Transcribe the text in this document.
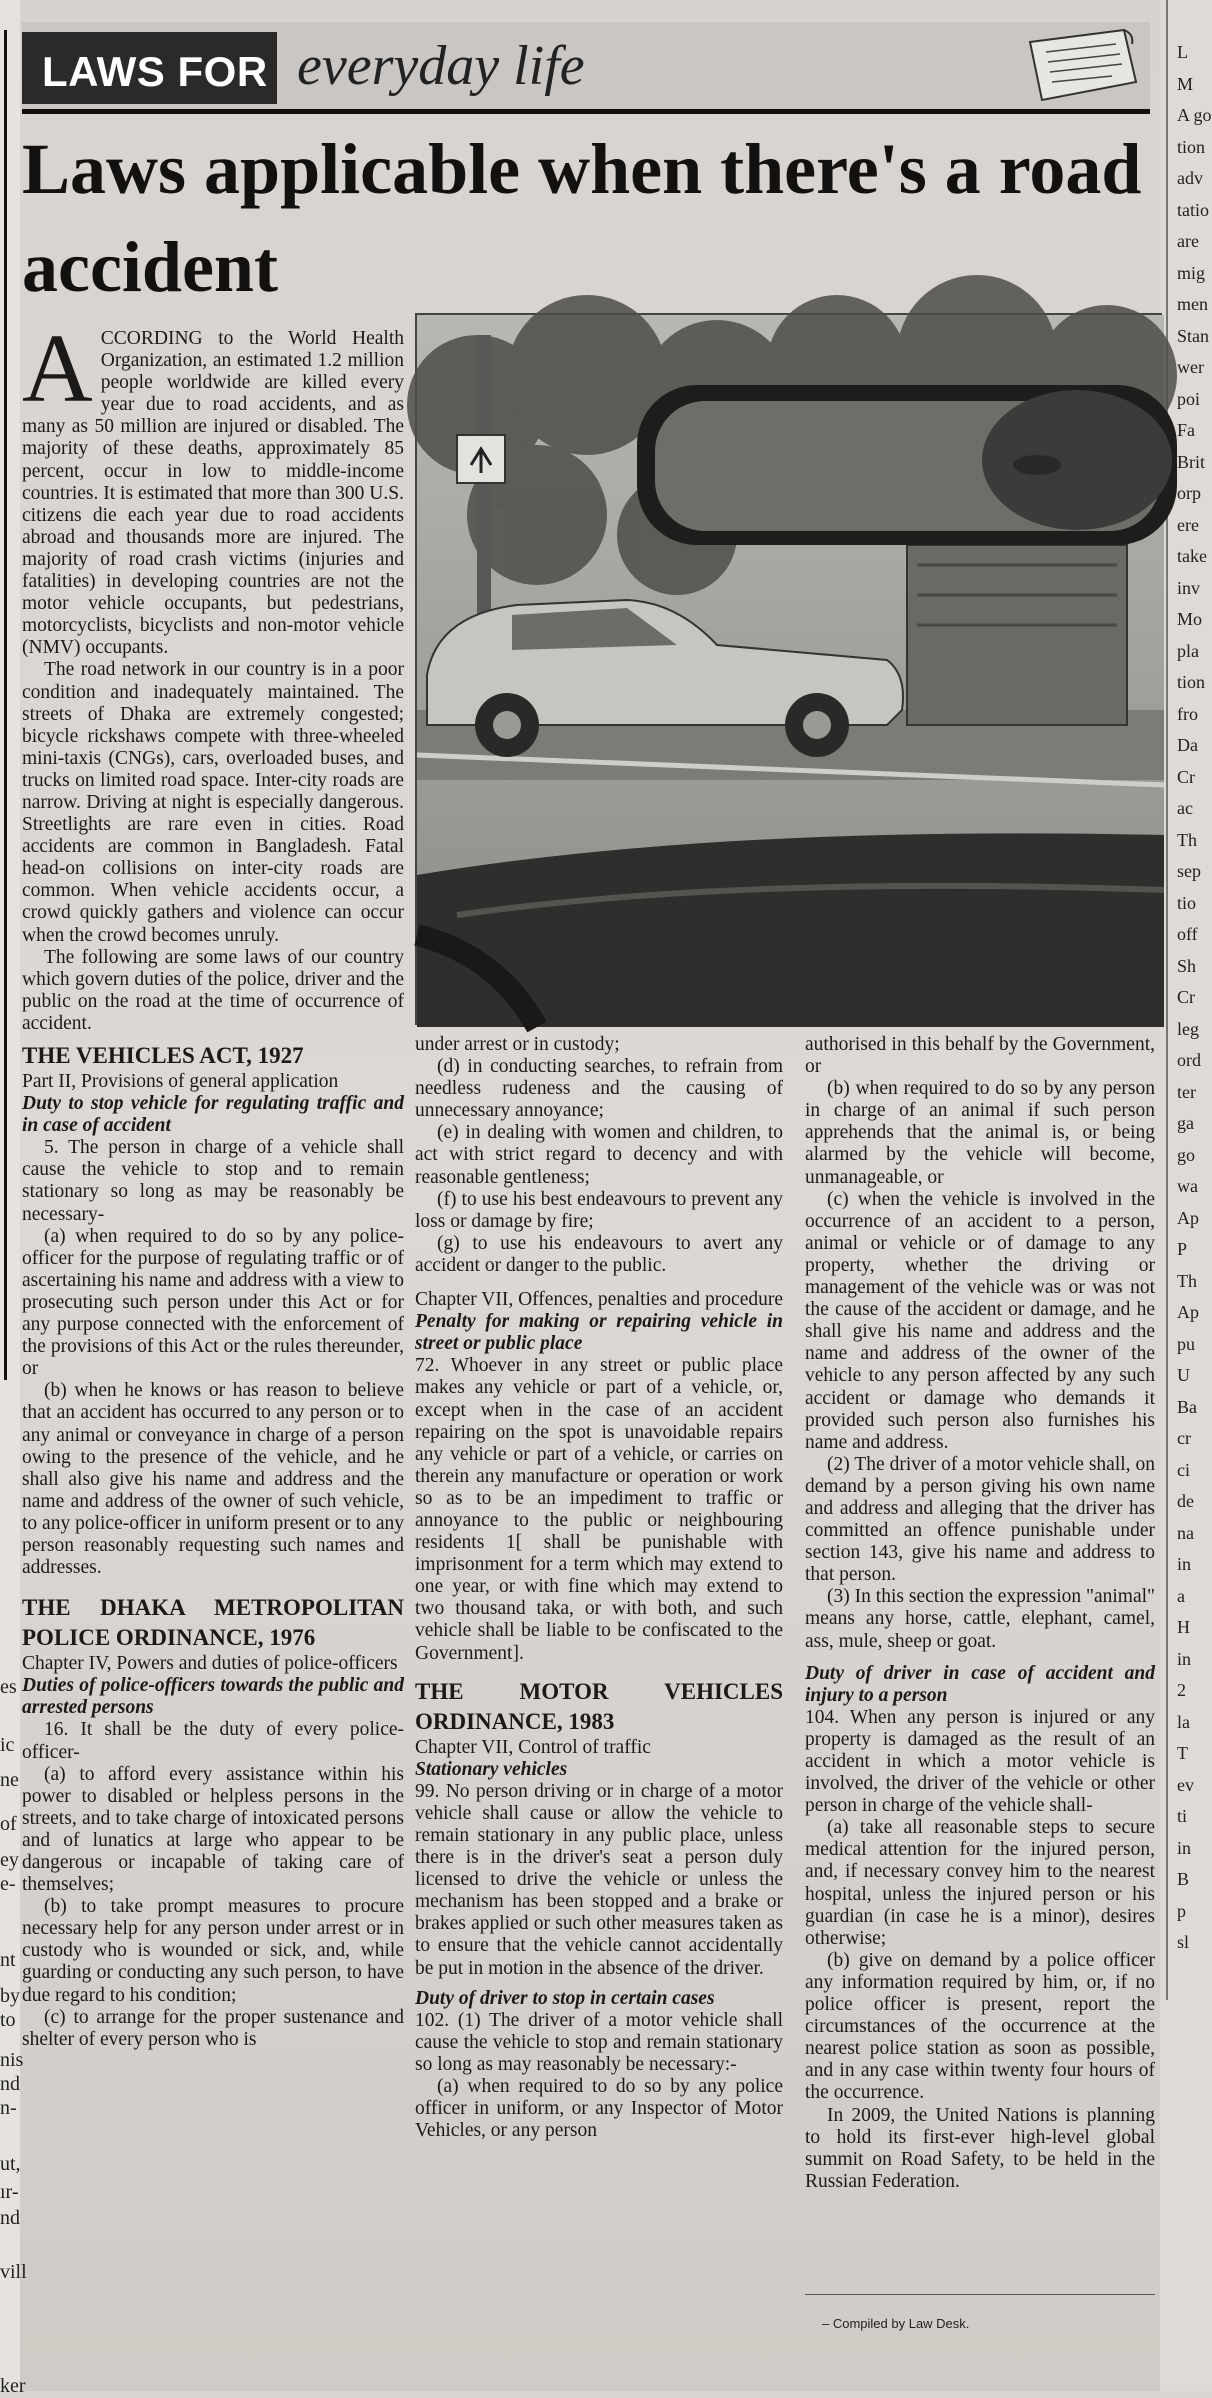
es
ic
ne
of
ey
e-
nt
by
to
nis
nd
n-
ut,
ır-
nd
vill
ker
L
M
A go
tion
adv
tatio
are
mig
men
Stan
wer
poi
Fa
Brit
orp
ere
take
inv
Mo
pla
tion
fro
Da
Cr
ac
Th
sep
tio
off
Sh
Cr
leg
ord
ter
ga
go
wa
Ap
P
Th
Ap
pu
U
Ba
cr
ci
de
na
in
a
H
in
2
la
T
ev
ti
in
B
p
sl
LAWS FOR everyday life
Laws applicable when there's a road accident

ACCORDING to the World Health Organization, an estimated 1.2 million people worldwide are killed every year due to road accidents, and as many as 50 million are injured or disabled. The majority of these deaths, approximately 85 percent, occur in low to middle-income countries. It is estimated that more than 300 U.S. citizens die each year due to road accidents abroad and thousands more are injured. The majority of road crash victims (injuries and fatalities) in developing countries are not the motor vehicle occupants, but pedestrians, motorcyclists, bicyclists and non-motor vehicle (NMV) occupants.

The road network in our country is in a poor condition and inadequately maintained. The streets of Dhaka are extremely congested; bicycle rickshaws compete with three-wheeled mini-taxis (CNGs), cars, overloaded buses, and trucks on limited road space. Inter-city roads are narrow. Driving at night is especially dangerous. Streetlights are rare even in cities. Road accidents are common in Bangladesh. Fatal head-on collisions on inter-city roads are common. When vehicle accidents occur, a crowd quickly gathers and violence can occur when the crowd becomes unruly.

The following are some laws of our country which govern duties of the police, driver and the public on the road at the time of occurrence of accident.

THE VEHICLES ACT, 1927

Part II, Provisions of general application

Duty to stop vehicle for regulating traffic and in case of accident

5. The person in charge of a vehicle shall cause the vehicle to stop and to remain stationary so long as may be reasonably be necessary-

(a) when required to do so by any police-officer for the purpose of regulating traffic or of ascertaining his name and address with a view to prosecuting such person under this Act or for any purpose connected with the enforcement of the provisions of this Act or the rules thereunder, or

(b) when he knows or has reason to believe that an accident has occurred to any person or to any animal or conveyance in charge of a person owing to the presence of the vehicle, and he shall also give his name and address and the name and address of the owner of such vehicle, to any police-officer in uniform present or to any person reasonably requesting such names and addresses.

THE DHAKA METROPOLITAN POLICE ORDINANCE, 1976

Chapter IV, Powers and duties of police-officers

Duties of police-officers towards the public and arrested persons

16. It shall be the duty of every police-officer-

(a) to afford every assistance within his power to disabled or helpless persons in the streets, and to take charge of intoxicated persons and of lunatics at large who appear to be dangerous or incapable of taking care of themselves;

(b) to take prompt measures to procure necessary help for any person under arrest or in custody who is wounded or sick, and, while guarding or conducting any such person, to have due regard to his condition;

(c) to arrange for the proper sustenance and shelter of every person who is

under arrest or in custody;

(d) in conducting searches, to refrain from needless rudeness and the causing of unnecessary annoyance;

(e) in dealing with women and children, to act with strict regard to decency and with reasonable gentleness;

(f) to use his best endeavours to prevent any loss or damage by fire;

(g) to use his endeavours to avert any accident or danger to the public.

Chapter VII, Offences, penalties and procedure

Penalty for making or repairing vehicle in street or public place

72. Whoever in any street or public place makes any vehicle or part of a vehicle, or, except when in the case of an accident repairing on the spot is unavoidable repairs any vehicle or part of a vehicle, or carries on therein any manufacture or operation or work so as to be an impediment to traffic or annoyance to the public or neighbouring residents 1[ shall be punishable with imprisonment for a term which may extend to one year, or with fine which may extend to two thousand taka, or with both, and such vehicle shall be liable to be confiscated to the Government].

THE MOTOR VEHICLES ORDINANCE, 1983

Chapter VII, Control of traffic

Stationary vehicles

99. No person driving or in charge of a motor vehicle shall cause or allow the vehicle to remain stationary in any public place, unless there is in the driver's seat a person duly licensed to drive the vehicle or unless the mechanism has been stopped and a brake or brakes applied or such other measures taken as to ensure that the vehicle cannot accidentally be put in motion in the absence of the driver.

Duty of driver to stop in certain cases

102. (1) The driver of a motor vehicle shall cause the vehicle to stop and remain stationary so long as may reasonably be necessary:-

(a) when required to do so by any police officer in uniform, or any Inspector of Motor Vehicles, or any person

authorised in this behalf by the Government, or

(b) when required to do so by any person in charge of an animal if such person apprehends that the animal is, or being alarmed by the vehicle will become, unmanageable, or

(c) when the vehicle is involved in the occurrence of an accident to a person, animal or vehicle or of damage to any property, whether the driving or management of the vehicle was or was not the cause of the accident or damage, and he shall give his name and address and the name and address of the owner of the vehicle to any person affected by any such accident or damage who demands it provided such person also furnishes his name and address.

(2) The driver of a motor vehicle shall, on demand by a person giving his own name and address and alleging that the driver has committed an offence punishable under section 143, give his name and address to that person.

(3) In this section the expression "animal" means any horse, cattle, elephant, camel, ass, mule, sheep or goat.

Duty of driver in case of accident and injury to a person

104. When any person is injured or any property is damaged as the result of an accident in which a motor vehicle is involved, the driver of the vehicle or other person in charge of the vehicle shall-

(a) take all reasonable steps to secure medical attention for the injured person, and, if necessary convey him to the nearest hospital, unless the injured person or his guardian (in case he is a minor), desires otherwise;

(b) give on demand by a police officer any information required by him, or, if no police officer is present, report the circumstances of the occurrence at the nearest police station as soon as possible, and in any case within twenty four hours of the occurrence.

In 2009, the United Nations is planning to hold its first-ever high-level global summit on Road Safety, to be held in the Russian Federation.

– Compiled by Law Desk.
